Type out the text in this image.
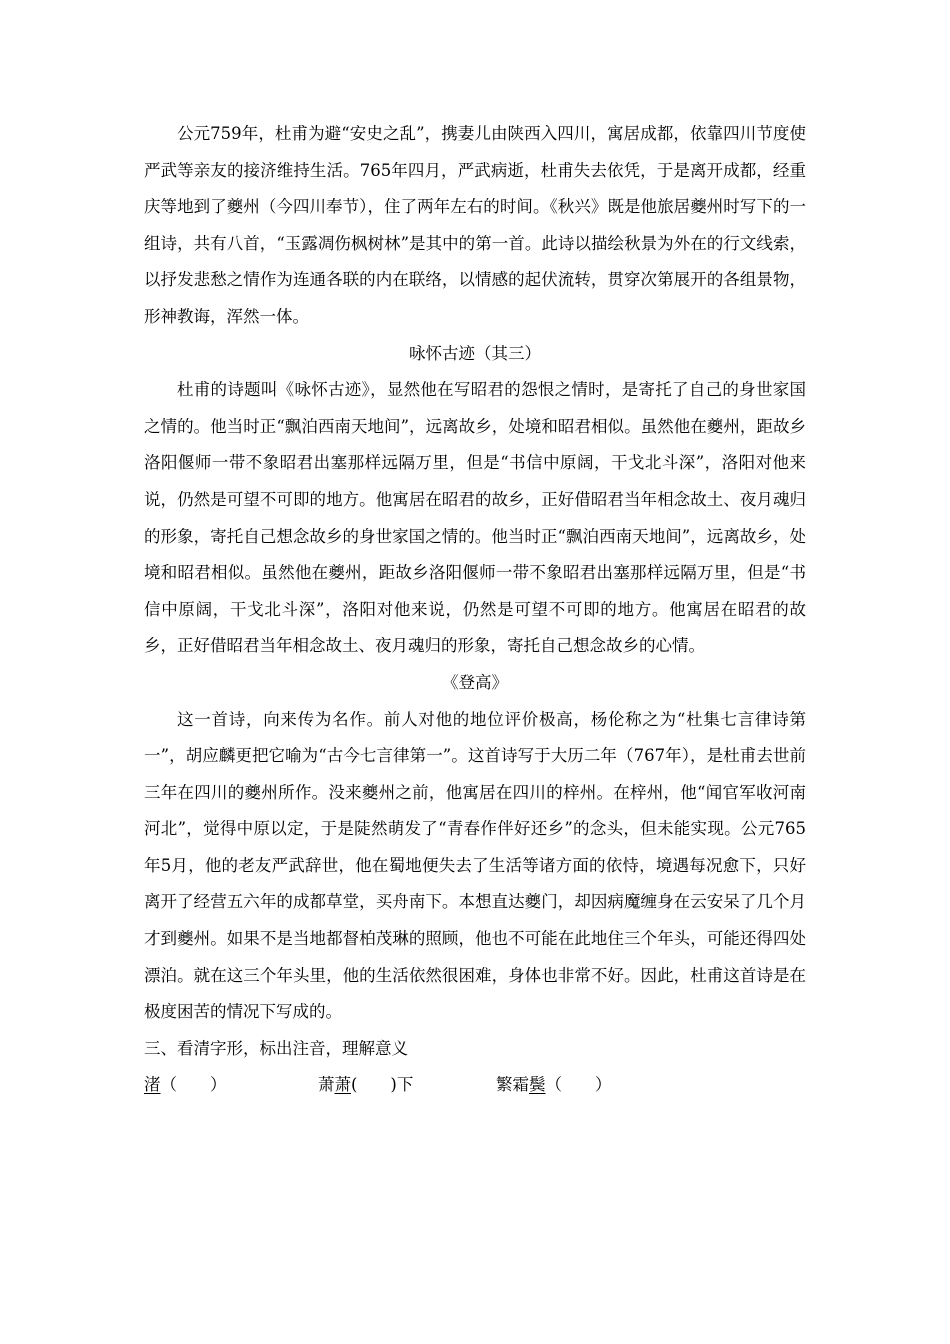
公元759年，杜甫为避“安史之乱”，携妻儿由陕西入四川，寓居成都，依靠四川节度使严武等亲友的接济维持生活。765年四月，严武病逝，杜甫失去依凭，于是离开成都，经重庆等地到了夔州（今四川奉节），住了两年左右的时间。《秋兴》既是他旅居夔州时写下的一组诗，共有八首，“玉露凋伤枫树林”是其中的第一首。此诗以描绘秋景为外在的行文线索，以抒发悲愁之情作为连通各联的内在联络，以情感的起伏流转，贯穿次第展开的各组景物，形神教诲，浑然一体。

咏怀古迹（其三）

杜甫的诗题叫《咏怀古迹》，显然他在写昭君的怨恨之情时，是寄托了自己的身世家国之情的。他当时正“飘泊西南天地间”，远离故乡，处境和昭君相似。虽然他在夔州，距故乡洛阳偃师一带不象昭君出塞那样远隔万里，但是“书信中原阔，干戈北斗深”，洛阳对他来说，仍然是可望不可即的地方。他寓居在昭君的故乡，正好借昭君当年相念故土、夜月魂归的形象，寄托自己想念故乡的身世家国之情的。他当时正“飘泊西南天地间”，远离故乡，处境和昭君相似。虽然他在夔州，距故乡洛阳偃师一带不象昭君出塞那样远隔万里，但是“书信中原阔，干戈北斗深”，洛阳对他来说，仍然是可望不可即的地方。他寓居在昭君的故乡，正好借昭君当年相念故土、夜月魂归的形象，寄托自己想念故乡的心情。

《登高》

这一首诗，向来传为名作。前人对他的地位评价极高，杨伦称之为“杜集七言律诗第一”，胡应麟更把它喻为“古今七言律第一”。这首诗写于大历二年（767年），是杜甫去世前三年在四川的夔州所作。没来夔州之前，他寓居在四川的梓州。在梓州，他“闻官军收河南河北”，觉得中原以定，于是陡然萌发了“青春作伴好还乡”的念头，但未能实现。公元765年5月，他的老友严武辞世，他在蜀地便失去了生活等诸方面的依恃，境遇每况愈下，只好离开了经营五六年的成都草堂，买舟南下。本想直达夔门，却因病魔缠身在云安呆了几个月才到夔州。如果不是当地都督柏茂琳的照顾，他也不可能在此地住三个年头，可能还得四处漂泊。就在这三个年头里，他的生活依然很困难，身体也非常不好。因此，杜甫这首诗是在极度困苦的情况下写成的。

三、看清字形，标出注音，理解意义

渚（　　）	萧萧(　　)下	繁霜鬓（　　）
